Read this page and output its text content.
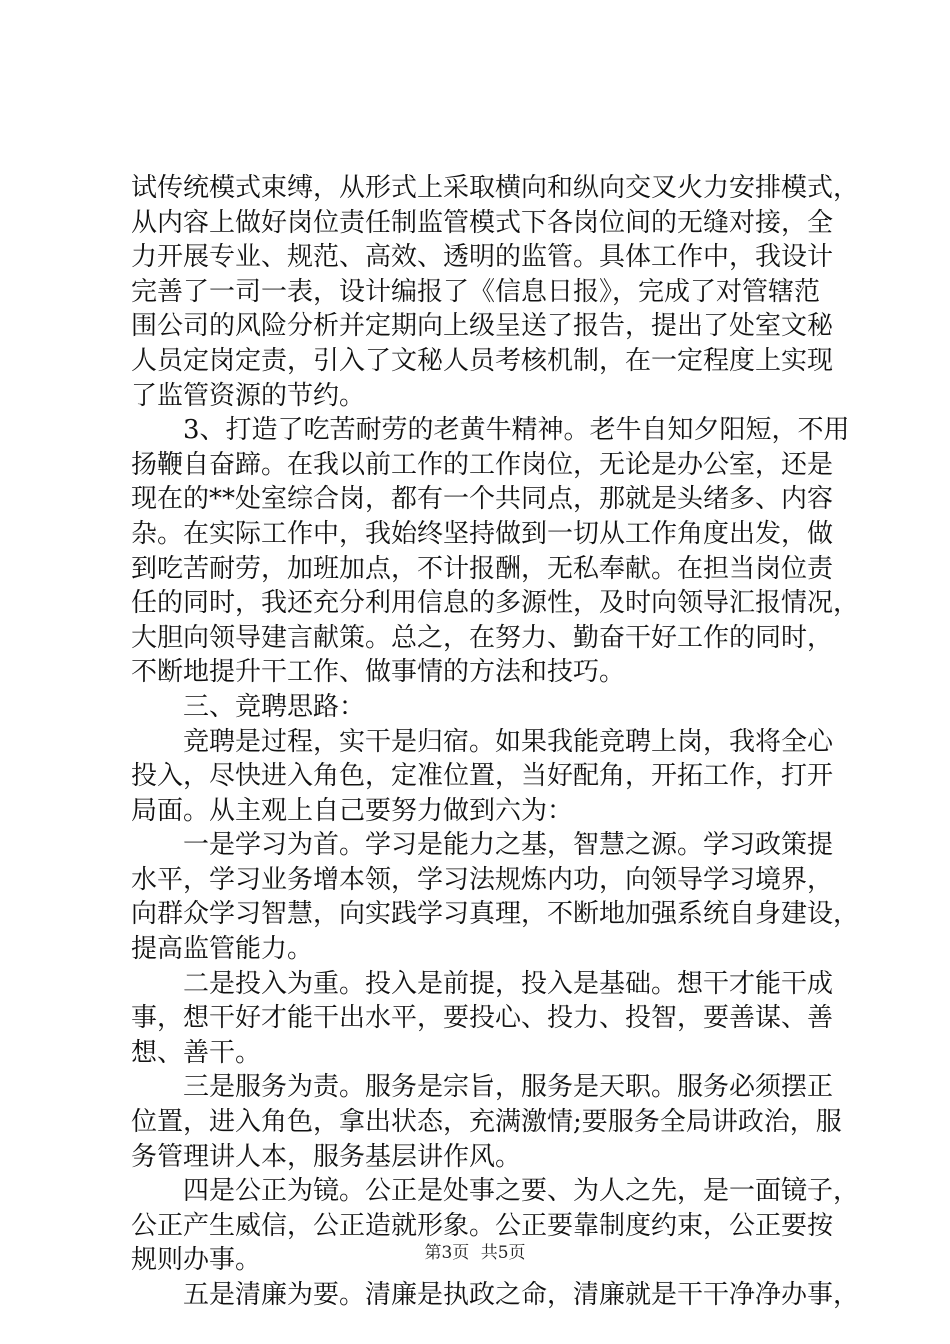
试传统模式束缚，从形式上采取横向和纵向交叉火力安排模式，
从内容上做好岗位责任制监管模式下各岗位间的无缝对接，全
力开展专业、规范、高效、透明的监管。具体工作中，我设计
完善了一司一表，设计编报了《信息日报》，完成了对管辖范
围公司的风险分析并定期向上级呈送了报告，提出了处室文秘
人员定岗定责，引入了文秘人员考核机制，在一定程度上实现
了监管资源的节约。
3、打造了吃苦耐劳的老黄牛精神。老牛自知夕阳短，不用
扬鞭自奋蹄。在我以前工作的工作岗位，无论是办公室，还是
现在的**处室综合岗，都有一个共同点，那就是头绪多、内容
杂。在实际工作中，我始终坚持做到一切从工作角度出发，做
到吃苦耐劳，加班加点，不计报酬，无私奉献。在担当岗位责
任的同时，我还充分利用信息的多源性，及时向领导汇报情况，
大胆向领导建言献策。总之，在努力、勤奋干好工作的同时，
不断地提升干工作、做事情的方法和技巧。
三、竞聘思路：
竞聘是过程，实干是归宿。如果我能竞聘上岗，我将全心
投入，尽快进入角色，定准位置，当好配角，开拓工作，打开
局面。从主观上自己要努力做到六为：
一是学习为首。学习是能力之基，智慧之源。学习政策提
水平，学习业务增本领，学习法规炼内功，向领导学习境界，
向群众学习智慧，向实践学习真理，不断地加强系统自身建设，
提高监管能力。
二是投入为重。投入是前提，投入是基础。想干才能干成
事，想干好才能干出水平，要投心、投力、投智，要善谋、善
想、善干。
三是服务为责。服务是宗旨，服务是天职。服务必须摆正
位置，进入角色，拿出状态，充满激情;要服务全局讲政治，服
务管理讲人本，服务基层讲作风。
四是公正为镜。公正是处事之要、为人之先，是一面镜子，
公正产生威信，公正造就形象。公正要靠制度约束，公正要按
规则办事。
五是清廉为要。清廉是执政之命，清廉就是干干净净办事，
第3页 共5页
